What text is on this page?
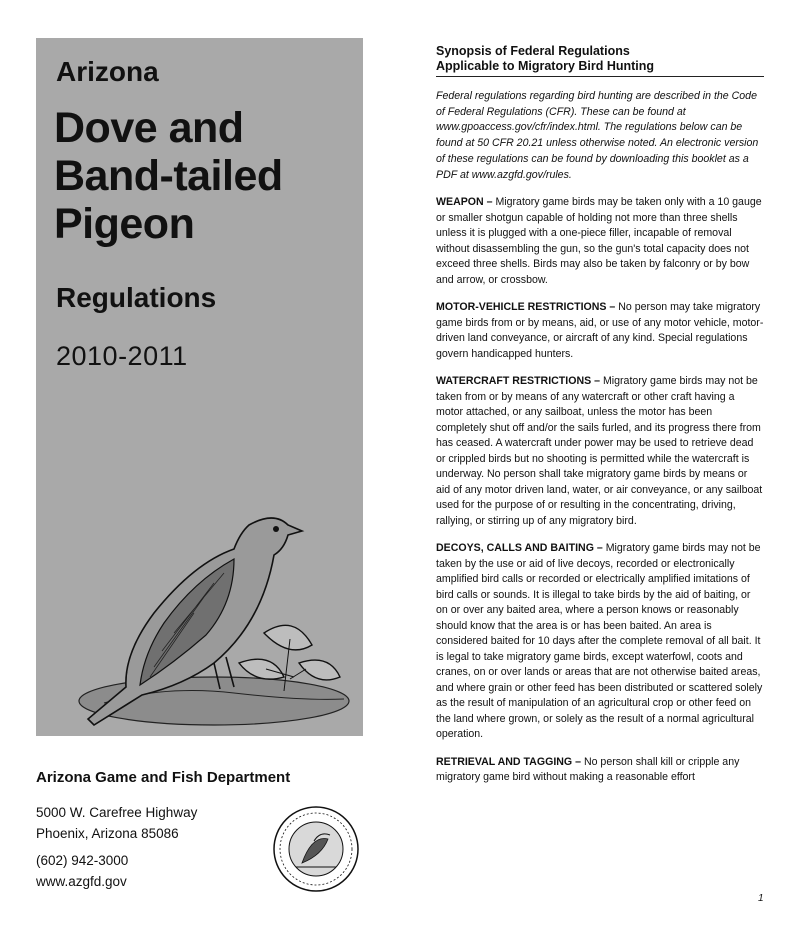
Arizona
Dove and
Band-tailed
Pigeon
Regulations
2010-2011
Arizona Game and Fish Department
5000 W. Carefree Highway
Phoenix, Arizona 85086
(602) 942-3000
www.azgfd.gov
Synopsis of Federal Regulations
Applicable to Migratory Bird Hunting

Federal regulations regarding bird hunting are described in the Code of Federal Regulations (CFR). These can be found at www.gpoaccess.gov/cfr/index.html. The regulations below can be found at 50 CFR 20.21 unless otherwise noted. An electronic version of these regulations can be found by downloading this booklet as a PDF at www.azgfd.gov/rules.

WEAPON – Migratory game birds may be taken only with a 10 gauge or smaller shotgun capable of holding not more than three shells unless it is plugged with a one-piece filler, incapable of removal without disassembling the gun, so the gun's total capacity does not exceed three shells. Birds may also be taken by falconry or by bow and arrow, or crossbow.

MOTOR-VEHICLE RESTRICTIONS – No person may take migratory game birds from or by means, aid, or use of any motor vehicle, motor-driven land conveyance, or aircraft of any kind. Special regulations govern handicapped hunters.

WATERCRAFT RESTRICTIONS – Migratory game birds may not be taken from or by means of any watercraft or other craft having a motor attached, or any sailboat, unless the motor has been completely shut off and/or the sails furled, and its progress there from has ceased. A watercraft under power may be used to retrieve dead or crippled birds but no shooting is permitted while the watercraft is underway. No person shall take migratory game birds by means or aid of any motor driven land, water, or air conveyance, or any sailboat used for the purpose of or resulting in the concentrating, driving, rallying, or stirring up of any migratory bird.

DECOYS, CALLS AND BAITING – Migratory game birds may not be taken by the use or aid of live decoys, recorded or electronically amplified bird calls or recorded or electrically amplified imitations of bird calls or sounds. It is illegal to take birds by the aid of baiting, or on or over any baited area, where a person knows or reasonably should know that the area is or has been baited. An area is considered baited for 10 days after the complete removal of all bait. It is legal to take migratory game birds, except waterfowl, coots and cranes, on or over lands or areas that are not otherwise baited areas, and where grain or other feed has been distributed or scattered solely as the result of manipulation of an agricultural crop or other feed on the land where grown, or solely as the result of a normal agricultural operation.

RETRIEVAL AND TAGGING – No person shall kill or cripple any migratory game bird without making a reasonable effort

1
